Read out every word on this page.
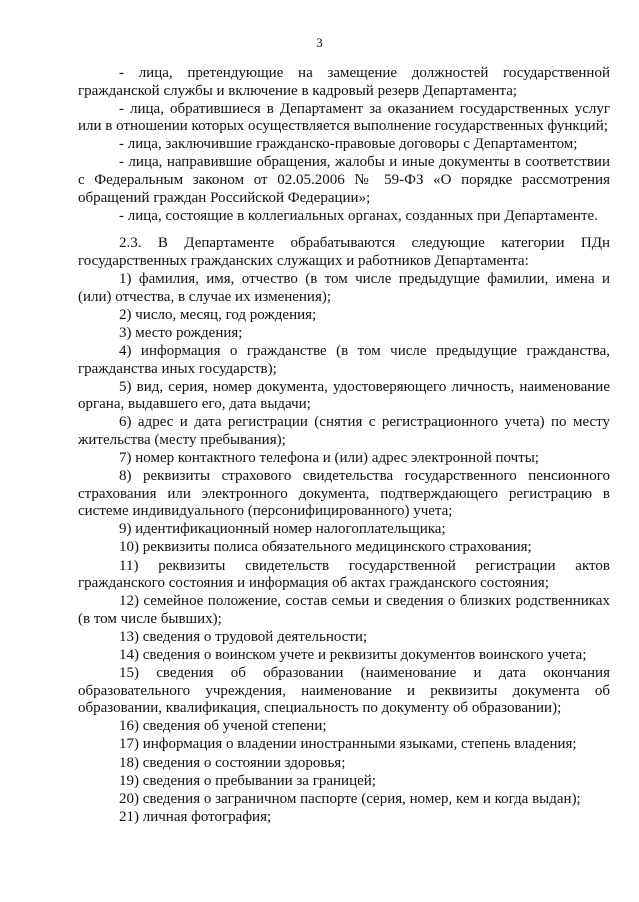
3

- лица, претендующие на замещение должностей государственной гражданской службы и включение в кадровый резерв Департамента;

- лица, обратившиеся в Департамент за оказанием государственных услуг или в отношении которых осуществляется выполнение государственных функций;

- лица, заключившие гражданско-правовые договоры с Департаментом;

- лица, направившие обращения, жалобы и иные документы в соответствии с Федеральным законом от 02.05.2006 № 59-ФЗ «О порядке рассмотрения обращений граждан Российской Федерации»;

- лица, состоящие в коллегиальных органах, созданных при Департаменте.

2.3. В Департаменте обрабатываются следующие категории ПДн государственных гражданских служащих и работников Департамента:

1) фамилия, имя, отчество (в том числе предыдущие фамилии, имена и (или) отчества, в случае их изменения);

2) число, месяц, год рождения;

3) место рождения;

4) информация о гражданстве (в том числе предыдущие гражданства, гражданства иных государств);

5) вид, серия, номер документа, удостоверяющего личность, наименование органа, выдавшего его, дата выдачи;

6) адрес и дата регистрации (снятия с регистрационного учета) по месту жительства (месту пребывания);

7) номер контактного телефона и (или) адрес электронной почты;

8) реквизиты страхового свидетельства государственного пенсионного страхования или электронного документа, подтверждающего регистрацию в системе индивидуального (персонифицированного) учета;

9) идентификационный номер налогоплательщика;

10) реквизиты полиса обязательного медицинского страхования;

11) реквизиты свидетельств государственной регистрации актов гражданского состояния и информация об актах гражданского состояния;

12) семейное положение, состав семьи и сведения о близких родственниках (в том числе бывших);

13) сведения о трудовой деятельности;

14) сведения о воинском учете и реквизиты документов воинского учета;

15) сведения об образовании (наименование и дата окончания образовательного учреждения, наименование и реквизиты документа об образовании, квалификация, специальность по документу об образовании);

16) сведения об ученой степени;

17) информация о владении иностранными языками, степень владения;

18) сведения о состоянии здоровья;

19) сведения о пребывании за границей;

20) сведения о заграничном паспорте (серия, номер, кем и когда выдан);

21) личная фотография;
